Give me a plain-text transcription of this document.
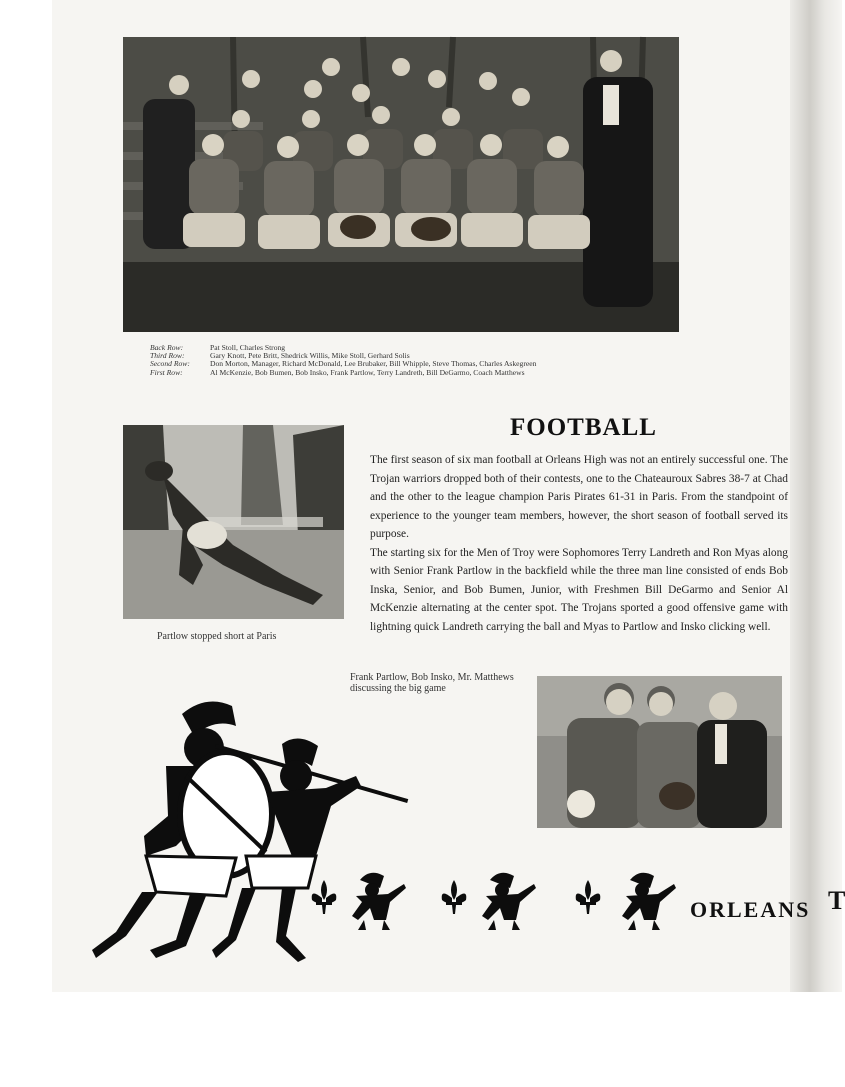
T
Back Row:	Pat Stoll, Charles Strong
Third Row:	Gary Knott, Pete Britt, Shedrick Willis, Mike Stoll, Gerhard Solis
Second Row:	Don Morton, Manager, Richard McDonald, Lee Brubaker, Bill Whipple, Steve Thomas, Charles Askegreen
First Row:	Al McKenzie, Bob Bumen, Bob Insko, Frank Partlow, Terry Landreth, Bill DeGarmo, Coach Matthews
FOOTBALL

The first season of six man football at Orleans High was not an entirely successful one. The Trojan warriors dropped both of their contests, one to the Chateauroux Sabres 38-7 at Chad and the other to the league champion Paris Pirates 61-31 in Paris. From the standpoint of experience to the younger team members, however, the short season of football served its purpose.

The starting six for the Men of Troy were Sophomores Terry Landreth and Ron Myas along with Senior Frank Partlow in the backfield while the three man line consisted of ends Bob Inska, Senior, and Bob Bumen, Junior, with Freshmen Bill DeGarmo and Senior Al McKenzie alternating at the center spot. The Trojans sported a good offensive game with lightning quick Landreth carrying the ball and Myas to Partlow and Insko clicking well.

Partlow stopped short at Paris
Frank Partlow, Bob Insko, Mr. Matthews discussing the big game
ORLEANS
